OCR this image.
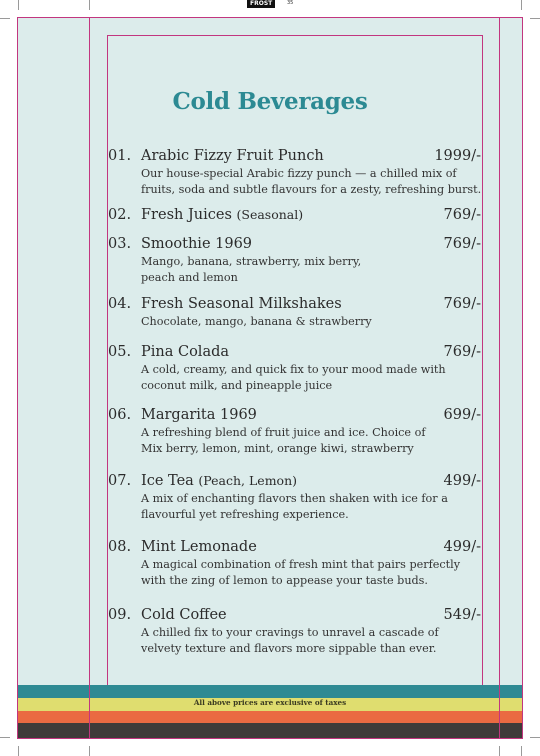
FROST	35
Cold Beverages
01. Arabic Fizzy Fruit Punch	1999/-
Our house-special Arabic fizzy punch — a chilled mix of
fruits, soda and subtle flavours for a zesty, refreshing burst.
02. Fresh Juices (Seasonal)	769/-
03. Smoothie 1969	769/-
Mango, banana, strawberry, mix berry,
peach and lemon
04. Fresh Seasonal Milkshakes	769/-
Chocolate, mango, banana & strawberry
05. Pina Colada	769/-
A cold, creamy, and quick fix to your mood made with
coconut milk, and pineapple juice
06. Margarita 1969	699/-
A refreshing blend of fruit juice and ice. Choice of
Mix berry, lemon, mint, orange kiwi, strawberry
07. Ice Tea (Peach, Lemon)	499/-
A mix of enchanting flavors then shaken with ice for a
flavourful yet refreshing experience.
08. Mint Lemonade	499/-
A magical combination of fresh mint that pairs perfectly
with the zing of lemon to appease your taste buds.
09. Cold Coffee	549/-
A chilled fix to your cravings to unravel a cascade of
velvety texture and flavors more sippable than ever.
All above prices are exclusive of taxes
